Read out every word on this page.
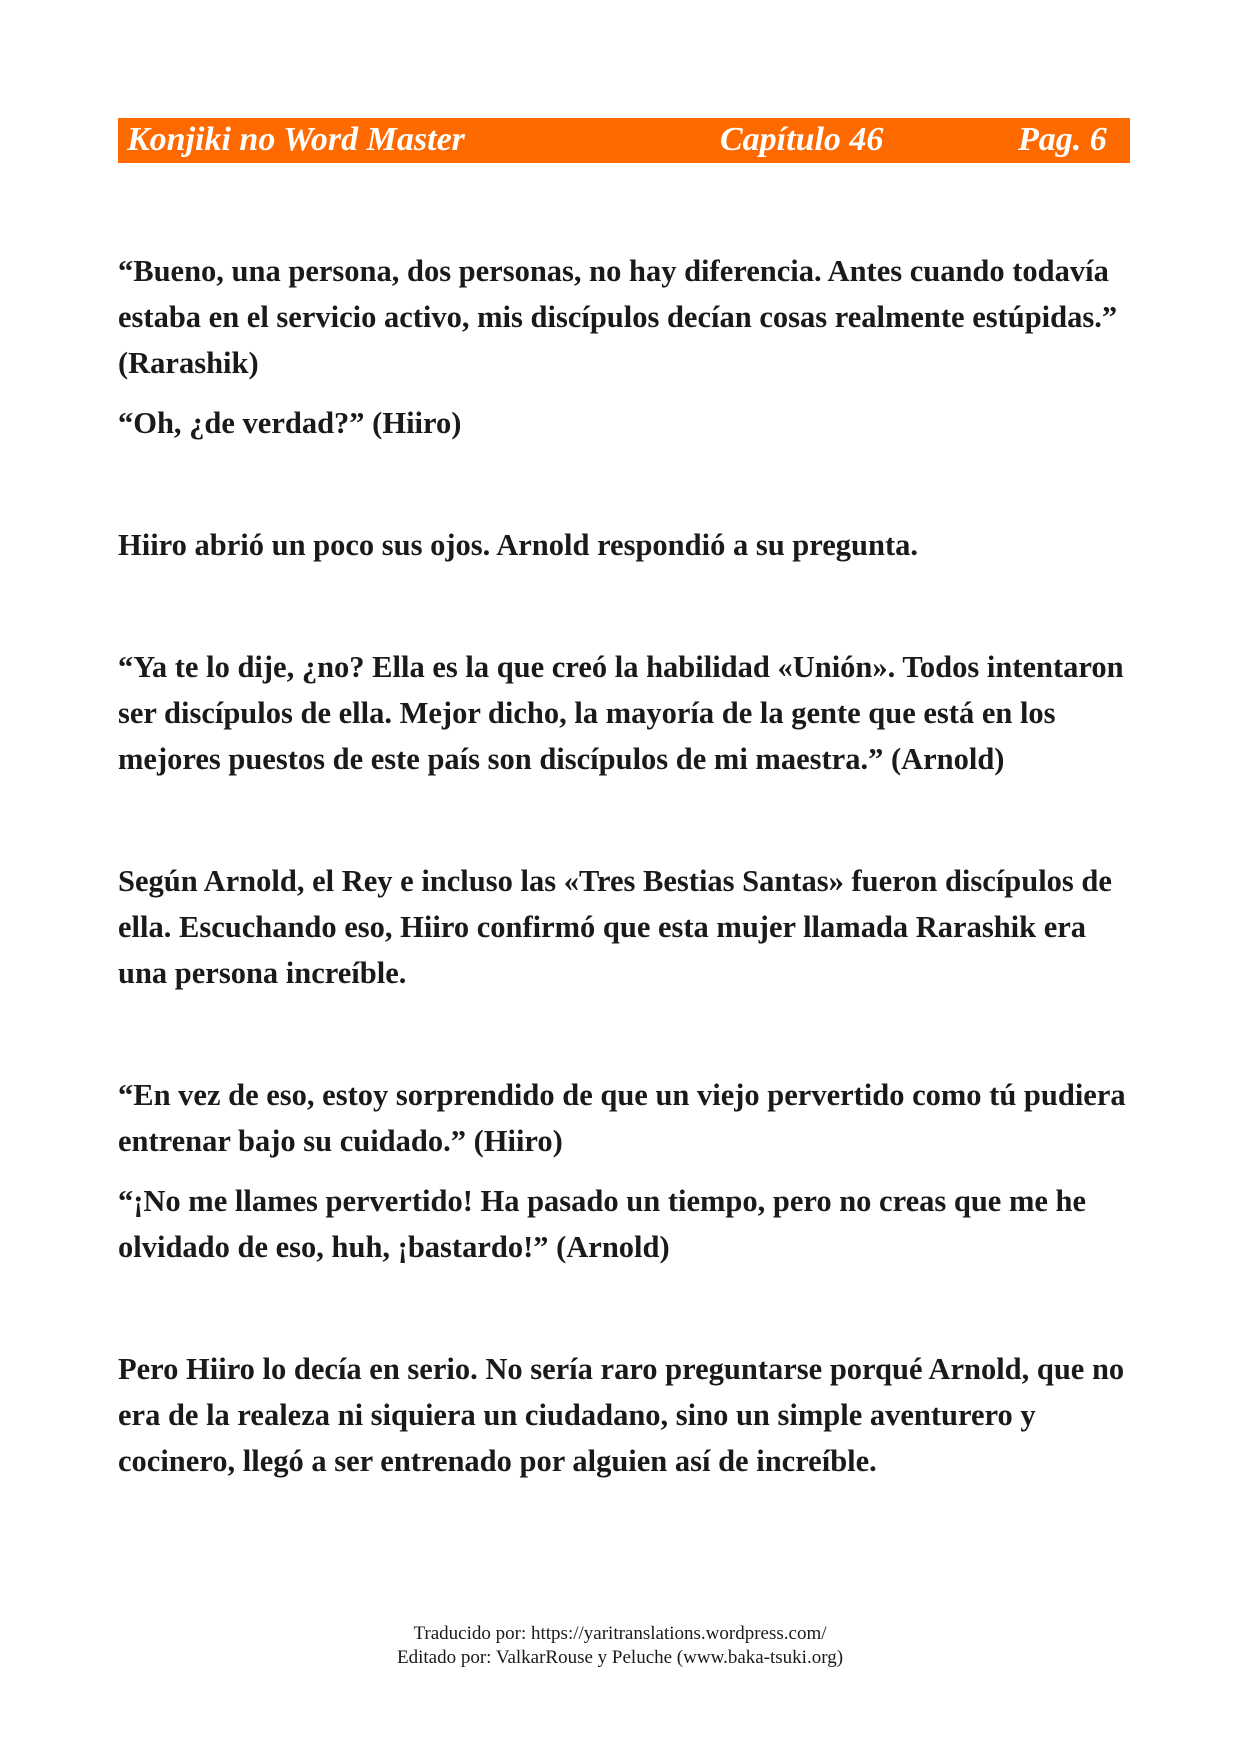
Konjiki no Word Master	Capítulo 46	Pag. 6

“Bueno, una persona, dos personas, no hay diferencia. Antes cuando todavía estaba en el servicio activo, mis discípulos decían cosas realmente estúpidas.” (Rarashik)

“Oh, ¿de verdad?” (Hiiro)

Hiiro abrió un poco sus ojos. Arnold respondió a su pregunta.

“Ya te lo dije, ¿no? Ella es la que creó la habilidad «Unión». Todos intentaron ser discípulos de ella. Mejor dicho, la mayoría de la gente que está en los mejores puestos de este país son discípulos de mi maestra.” (Arnold)

Según Arnold, el Rey e incluso las «Tres Bestias Santas» fueron discípulos de ella. Escuchando eso, Hiiro confirmó que esta mujer llamada Rarashik era una persona increíble.

“En vez de eso, estoy sorprendido de que un viejo pervertido como tú pudiera entrenar bajo su cuidado.” (Hiiro)

“¡No me llames pervertido! Ha pasado un tiempo, pero no creas que me he olvidado de eso, huh, ¡bastardo!” (Arnold)

Pero Hiiro lo decía en serio. No sería raro preguntarse porqué Arnold, que no era de la realeza ni siquiera un ciudadano, sino un simple aventurero y cocinero, llegó a ser entrenado por alguien así de increíble.

Traducido por: https://yaritranslations.wordpress.com/
Editado por: ValkarRouse y Peluche (www.baka-tsuki.org)
